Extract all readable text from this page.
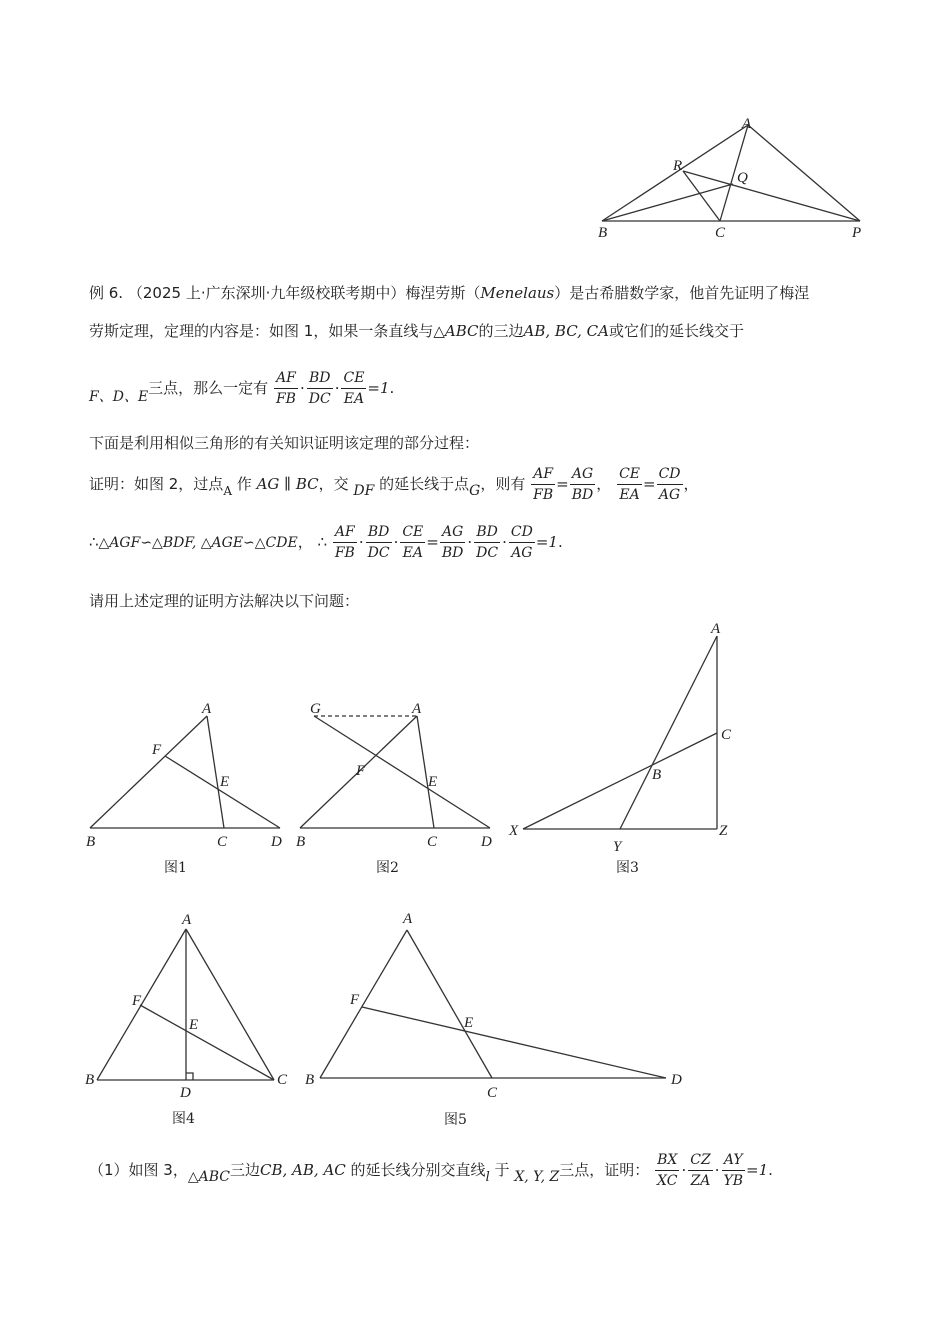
A
R
Q
B	C	P
例 6. （2025 上·广东深圳·九年级校联考期中）梅涅劳斯（Menelaus）是古希腊数学家，他首先证明了梅涅
劳斯定理，定理的内容是：如图 1，如果一条直线与△ABC的三边AB, BC, CA或它们的延长线交于
F、D、E三点，那么一定有 $\frac{AF}{FB} \cdot \frac{BD}{DC} \cdot \frac{CE}{EA} =1$.
下面是利用相似三角形的有关知识证明该定理的部分过程：
证明：如图 2，过点$_A$ 作 AG ∥ BC，交 DF 的延长线于点G，则有 $\frac{AF}{FB} = \frac{AG}{BD}$ ， $\frac{CE}{EA} = \frac{CD}{AG}$ ，
∴△AGF∽△BDF, △AGE∽△CDE， ∴ $\frac{AF}{FB} \cdot \frac{BD}{DC} \cdot \frac{CE}{EA} = \frac{AG}{BD} \cdot \frac{BD}{DC} \cdot \frac{CD}{AG} =1$.
请用上述定理的证明方法解决以下问题：
A
F
E
B	C	D
图1
G	A
F
E
B	C	D
图2
A
C
B
X
Y
Z
图3
A
F
E
B
D
C
图4
A
F
E
B
C
D
图5
（1）如图 3，△ABC三边CB, AB, AC 的延长线分别交直线l 于 X, Y, Z三点，证明： $\frac{BX}{XC} \cdot \frac{CZ}{ZA} \cdot \frac{AY}{YB} =1$.
